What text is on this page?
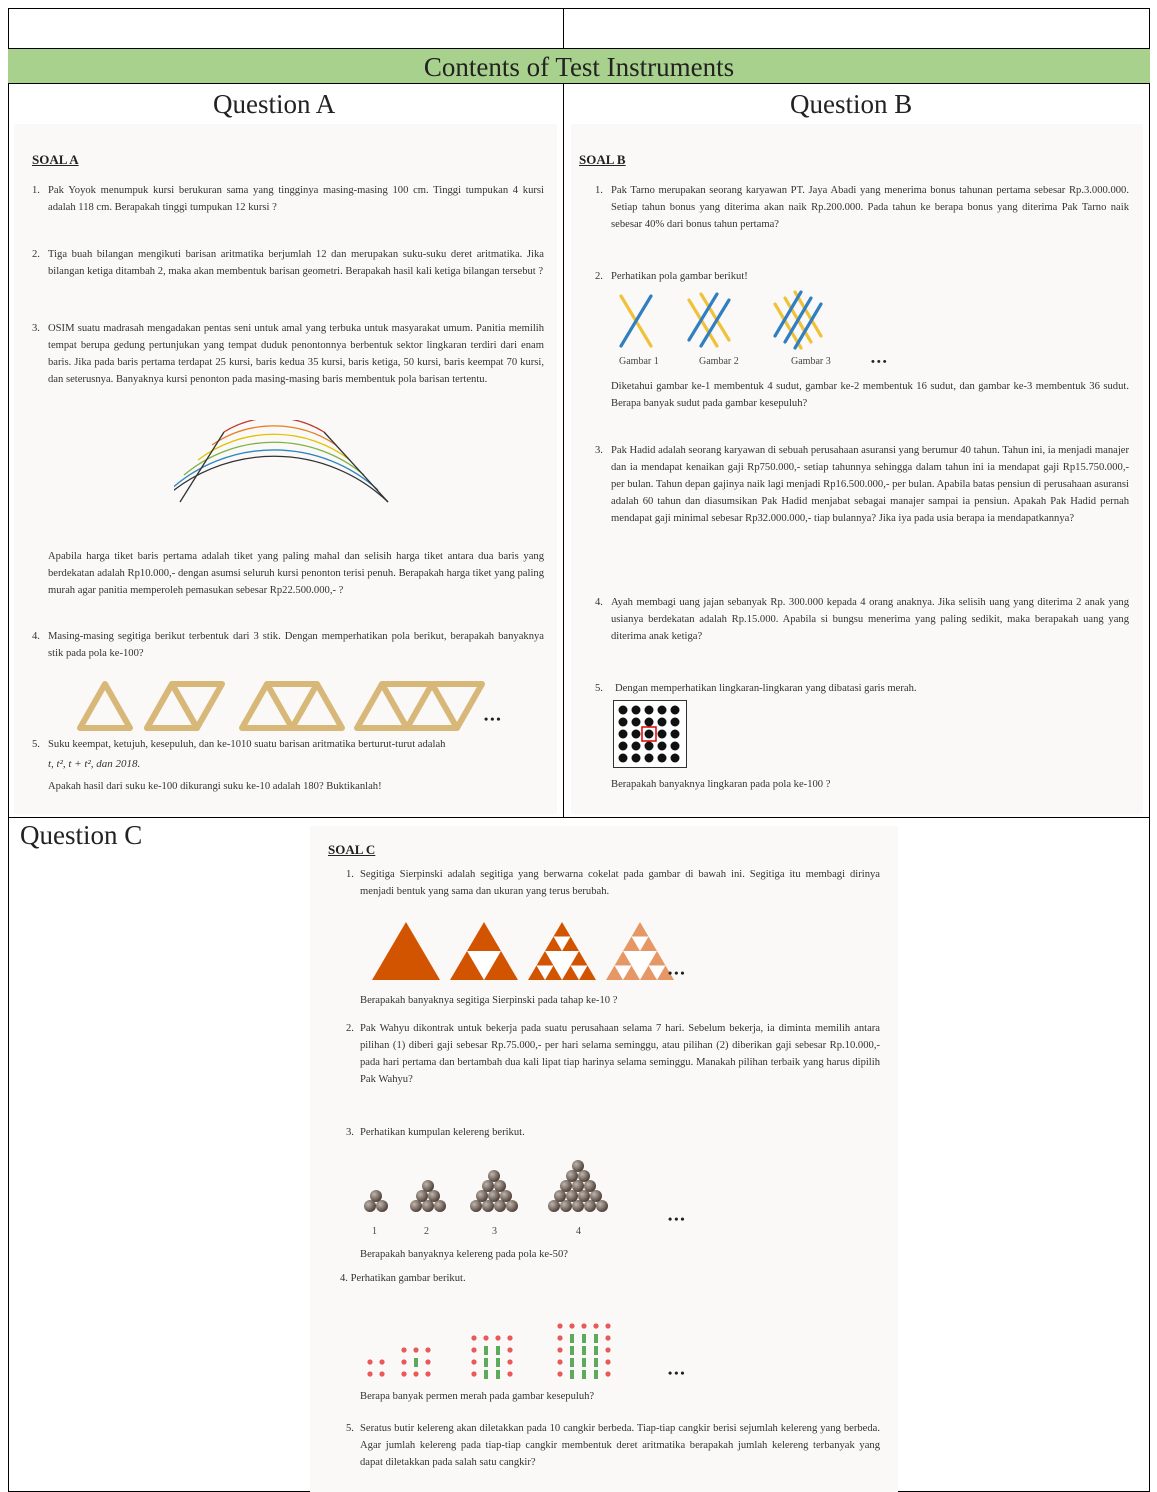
Contents of Test Instruments
Question A	Question B
Question C
SOAL A
1. Pak Yoyok menumpuk kursi berukuran sama yang tingginya masing-masing 100 cm. Tinggi tumpukan 4 kursi adalah 118 cm. Berapakah tinggi tumpukan 12 kursi ?
2. Tiga buah bilangan mengikuti barisan aritmatika berjumlah 12 dan merupakan suku-suku deret aritmatika. Jika bilangan ketiga ditambah 2, maka akan membentuk barisan geometri. Berapakah hasil kali ketiga bilangan tersebut ?
3. OSIM suatu madrasah mengadakan pentas seni untuk amal yang terbuka untuk masyarakat umum. Panitia memilih tempat berupa gedung pertunjukan yang tempat duduk penontonnya berbentuk sektor lingkaran terdiri dari enam baris. Jika pada baris pertama terdapat 25 kursi, baris kedua 35 kursi, baris ketiga, 50 kursi, baris keempat 70 kursi, dan seterusnya. Banyaknya kursi penonton pada masing-masing baris membentuk pola barisan tertentu.
Apabila harga tiket baris pertama adalah tiket yang paling mahal dan selisih harga tiket antara dua baris yang berdekatan adalah Rp10.000,- dengan asumsi seluruh kursi penonton terisi penuh. Berapakah harga tiket yang paling murah agar panitia memperoleh pemasukan sebesar Rp22.500.000,- ?
4. Masing-masing segitiga berikut terbentuk dari 3 stik. Dengan memperhatikan pola berikut, berapakah banyaknya stik pada pola ke-100?
•••
5. Suku keempat, ketujuh, kesepuluh, dan ke-1010 suatu barisan aritmatika berturut-turut adalah
t, t², t + t², dan 2018.
Apakah hasil dari suku ke-100 dikurangi suku ke-10 adalah 180? Buktikanlah!
SOAL B
1. Pak Tarno merupakan seorang karyawan PT. Jaya Abadi yang menerima bonus tahunan pertama sebesar Rp.3.000.000. Setiap tahun bonus yang diterima akan naik Rp.200.000. Pada tahun ke berapa bonus yang diterima Pak Tarno naik sebesar 40% dari bonus tahun pertama?
2. Perhatikan pola gambar berikut!
Gambar 1	Gambar 2	Gambar 3	•••
Diketahui gambar ke-1 membentuk 4 sudut, gambar ke-2 membentuk 16 sudut, dan gambar ke-3 membentuk 36 sudut. Berapa banyak sudut pada gambar kesepuluh?
3. Pak Hadid adalah seorang karyawan di sebuah perusahaan asuransi yang berumur 40 tahun. Tahun ini, ia menjadi manajer dan ia mendapat kenaikan gaji Rp750.000,- setiap tahunnya sehingga dalam tahun ini ia mendapat gaji Rp15.750.000,- per bulan. Tahun depan gajinya naik lagi menjadi Rp16.500.000,- per bulan. Apabila batas pensiun di perusahaan asuransi adalah 60 tahun dan diasumsikan Pak Hadid menjabat sebagai manajer sampai ia pensiun. Apakah Pak Hadid pernah mendapat gaji minimal sebesar Rp32.000.000,- tiap bulannya? Jika iya pada usia berapa ia mendapatkannya?
4. Ayah membagi uang jajan sebanyak Rp. 300.000 kepada 4 orang anaknya. Jika selisih uang yang diterima 2 anak yang usianya berdekatan adalah Rp.15.000. Apabila si bungsu menerima yang paling sedikit, maka berapakah uang yang diterima anak ketiga?
5. Dengan memperhatikan lingkaran-lingkaran yang dibatasi garis merah.
Berapakah banyaknya lingkaran pada pola ke-100 ?
SOAL C
1. Segitiga Sierpinski adalah segitiga yang berwarna cokelat pada gambar di bawah ini. Segitiga itu membagi dirinya menjadi bentuk yang sama dan ukuran yang terus berubah.
•••
Berapakah banyaknya segitiga Sierpinski pada tahap ke-10 ?
2. Pak Wahyu dikontrak untuk bekerja pada suatu perusahaan selama 7 hari. Sebelum bekerja, ia diminta memilih antara pilihan (1) diberi gaji sebesar Rp.75.000,- per hari selama seminggu, atau pilihan (2) diberikan gaji sebesar Rp.10.000,- pada hari pertama dan bertambah dua kali lipat tiap harinya selama seminggu. Manakah pilihan terbaik yang harus dipilih Pak Wahyu?
3. Perhatikan kumpulan kelereng berikut.
1	2	3	4
•••
Berapakah banyaknya kelereng pada pola ke-50?
4. Perhatikan gambar berikut.
•••
Berapa banyak permen merah pada gambar kesepuluh?
5. Seratus butir kelereng akan diletakkan pada 10 cangkir berbeda. Tiap-tiap cangkir berisi sejumlah kelereng yang berbeda. Agar jumlah kelereng pada tiap-tiap cangkir membentuk deret aritmatika berapakah jumlah kelereng terbanyak yang dapat diletakkan pada salah satu cangkir?
